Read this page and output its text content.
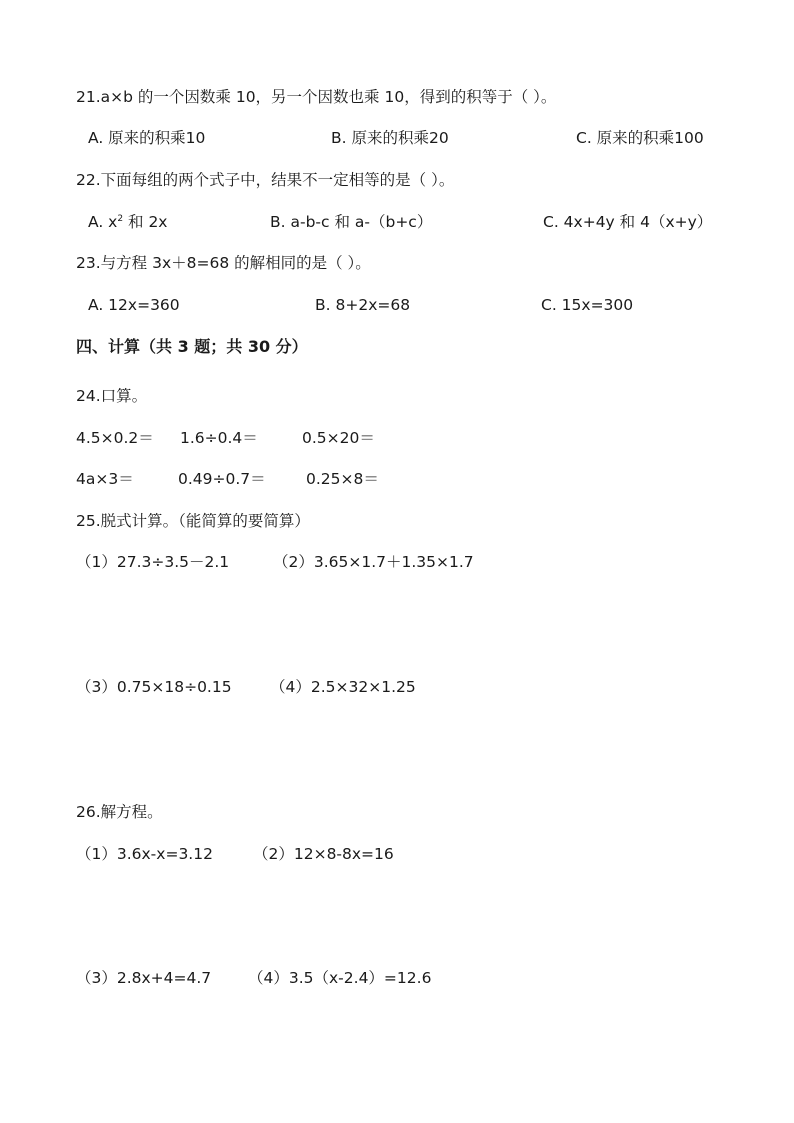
21.a×b 的一个因数乘 10，另一个因数也乘 10，得到的积等于（ ）。
A. 原来的积乘10	B. 原来的积乘20	C. 原来的积乘100
22.下面每组的两个式子中，结果不一定相等的是（ ）。
A. $x^2$ 和 2x	B. a-b-c 和 a-（b+c）	C. 4x+4y 和 4（x+y）
23.与方程 3x＋8=68 的解相同的是（ ）。
A. 12x=360	B. 8+2x=68	C. 15x=300
四、计算（共 3 题；共 30 分）
24.口算。
4.5×0.2＝ 1.6÷0.4＝	0.5×20＝
4a×3＝	0.49÷0.7＝	0.25×8＝
25.脱式计算。（能简算的要简算）
（1）27.3÷3.5－2.1	（2）3.65×1.7＋1.35×1.7
（3）0.75×18÷0.15 （4）2.5×32×1.25
26.解方程。
（1）3.6x-x=3.12	（2）12×8-8x=16
（3）2.8x+4=4.7 （4）3.5（x-2.4）=12.6
